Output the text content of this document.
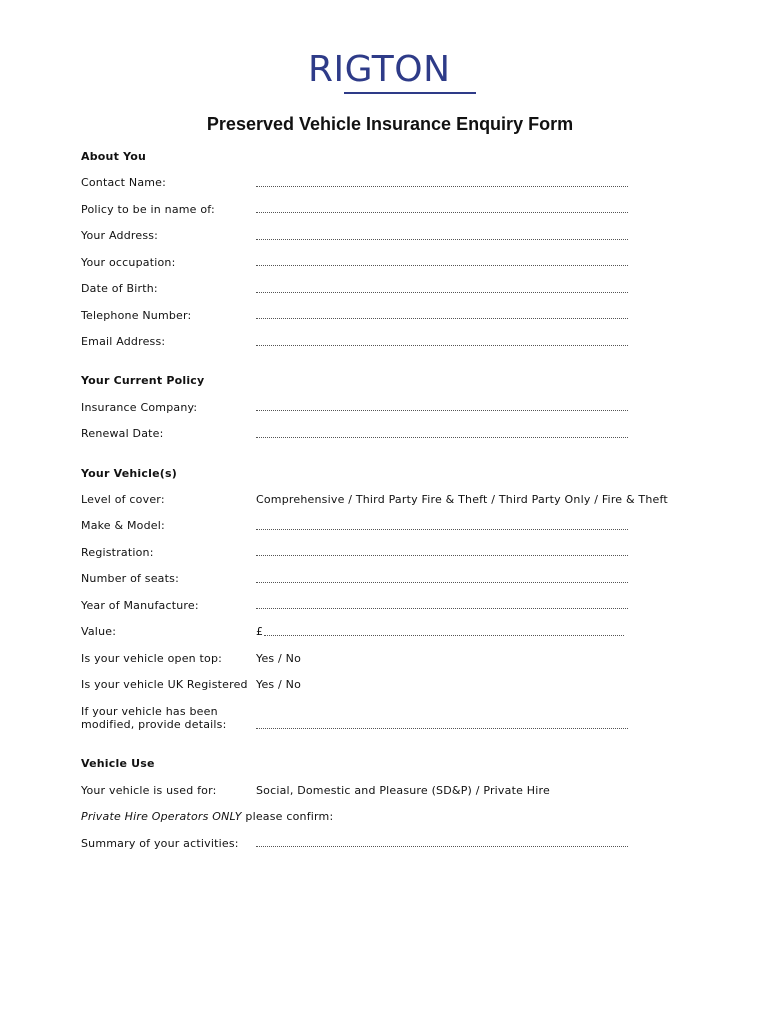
RIGTON
Preserved Vehicle Insurance Enquiry Form
About You
Contact Name:
Policy to be in name of:
Your Address:
Your occupation:
Date of Birth:
Telephone Number:
Email Address:
Your Current Policy
Insurance Company:
Renewal Date:
Your Vehicle(s)
Level of cover:	Comprehensive / Third Party Fire & Theft / Third Party Only / Fire & Theft
Make & Model:
Registration:
Number of seats:
Year of Manufacture:
Value:	£
Is your vehicle open top:	Yes / No
Is your vehicle UK Registered Yes / No
If your vehicle has been
modified, provide details:
Vehicle Use
Your vehicle is used for:	Social, Domestic and Pleasure (SD&P) / Private Hire
Private Hire Operators ONLY please confirm:
Summary of your activities:
